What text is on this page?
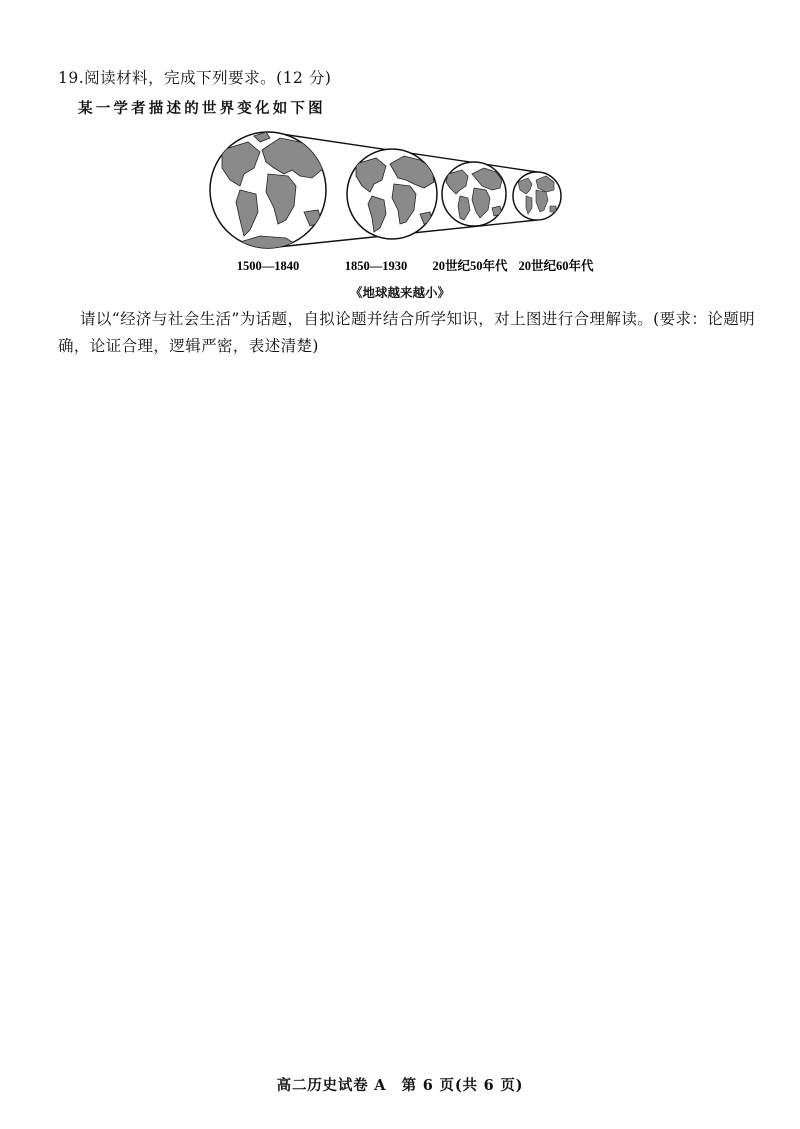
19.阅读材料，完成下列要求。(12 分)
某一学者描述的世界变化如下图
1500—1840	1850—1930 20世纪50年代 20世纪60年代
《地球越来越小》
请以“经济与社会生活”为话题，自拟论题并结合所学知识，对上图进行合理解读。(要求：论题明确，论证合理，逻辑严密，表述清楚)
高二历史试卷 A　第 6 页(共 6 页)
